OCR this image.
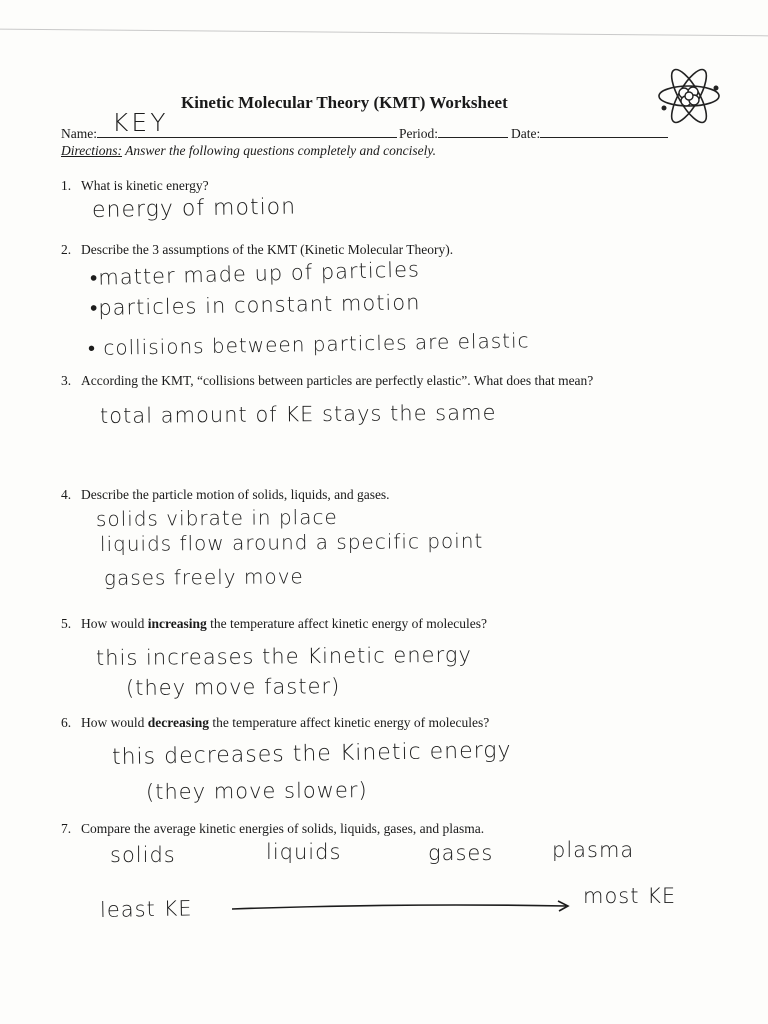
Kinetic Molecular Theory (KMT) Worksheet
Name: KEY	Period:	Date:
Directions: Answer the following questions completely and concisely.
1. What is kinetic energy?
energy of motion
2. Describe the 3 assumptions of the KMT (Kinetic Molecular Theory).
•matter made up of particles
•particles in constant motion
• collisions between particles are elastic
3. According the KMT, “collisions between particles are perfectly elastic”. What does that mean?
total amount of KE stays the same
4. Describe the particle motion of solids, liquids, and gases.
solids vibrate in place
liquids flow around a specific point
gases freely move
5. How would increasing the temperature affect kinetic energy of molecules?
this increases the Kinetic energy
(they move faster)
6. How would decreasing the temperature affect kinetic energy of molecules?
this decreases the Kinetic energy
(they move slower)
7. Compare the average kinetic energies of solids, liquids, gases, and plasma.
solids	liquids	gases	plasma
least KE
most KE
